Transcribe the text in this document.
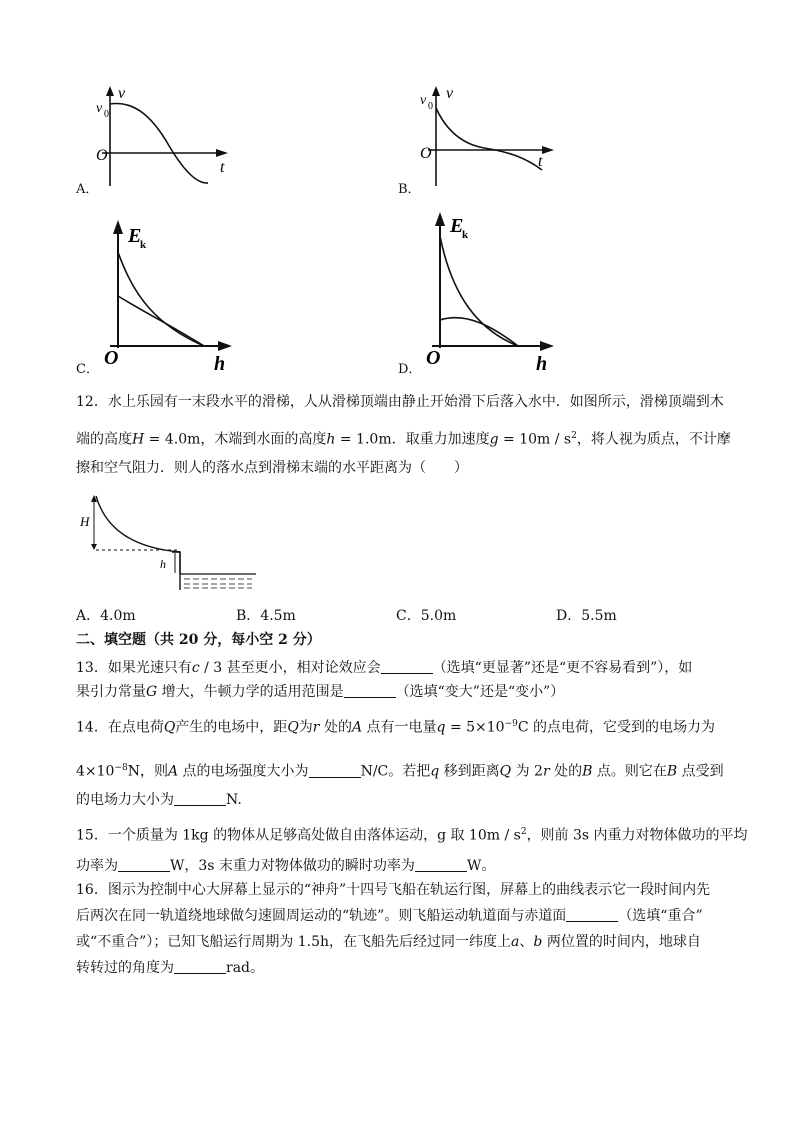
v
v 0
O
t
A．
v
v 0
O	t
B．
E
k
O	h
C．
E
k
O	h
D．
12．水上乐园有一末段水平的滑梯，人从滑梯顶端由静止开始滑下后落入水中．如图所示，滑梯顶端到木
端的高度H = 4.0m，木端到水面的高度h = 1.0m．取重力加速度$g = 10m / s^2$，将人视为质点，不计摩
擦和空气阻力．则人的落水点到滑梯末端的水平距离为（　　）
H
h
A．4.0m	B．4.5m	C．5.0m	D．5.5m
二、填空题（共 20 分，每小空 2 分）
13．如果光速只有c / 3 甚至更小，相对论效应会	（选填“更显著”还是“更不容易看到”），如
果引力常量G 增大，牛顿力学的适用范围是	（选填“变大”还是“变小”）
14．在点电荷Q产生的电场中，距Q为r 处的A 点有一电量$q = 5\times 10^{-9}C$ 的点电荷，它受到的电场力为
$4\times 10^{-8}N$，则A 点的电场强度大小为	N/C。若把q 移到距离Q 为 2r 处的B 点。则它在B 点受到
的电场力大小为	N.
15．一个质量为 1kg 的物体从足够高处做自由落体运动，g 取 $10m / s^2$，则前 3s 内重力对物体做功的平均
功率为	W，3s 末重力对物体做功的瞬时功率为	W。
16．图示为控制中心大屏幕上显示的“神舟”十四号飞船在轨运行图，屏幕上的曲线表示它一段时间内先
后两次在同一轨道绕地球做匀速圆周运动的“轨迹”。则飞船运动轨道面与赤道面	（选填“重合”
或“不重合”）；已知飞船运行周期为 1.5h，在飞船先后经过同一纬度上a、b 两位置的时间内，地球自
转转过的角度为	rad。
